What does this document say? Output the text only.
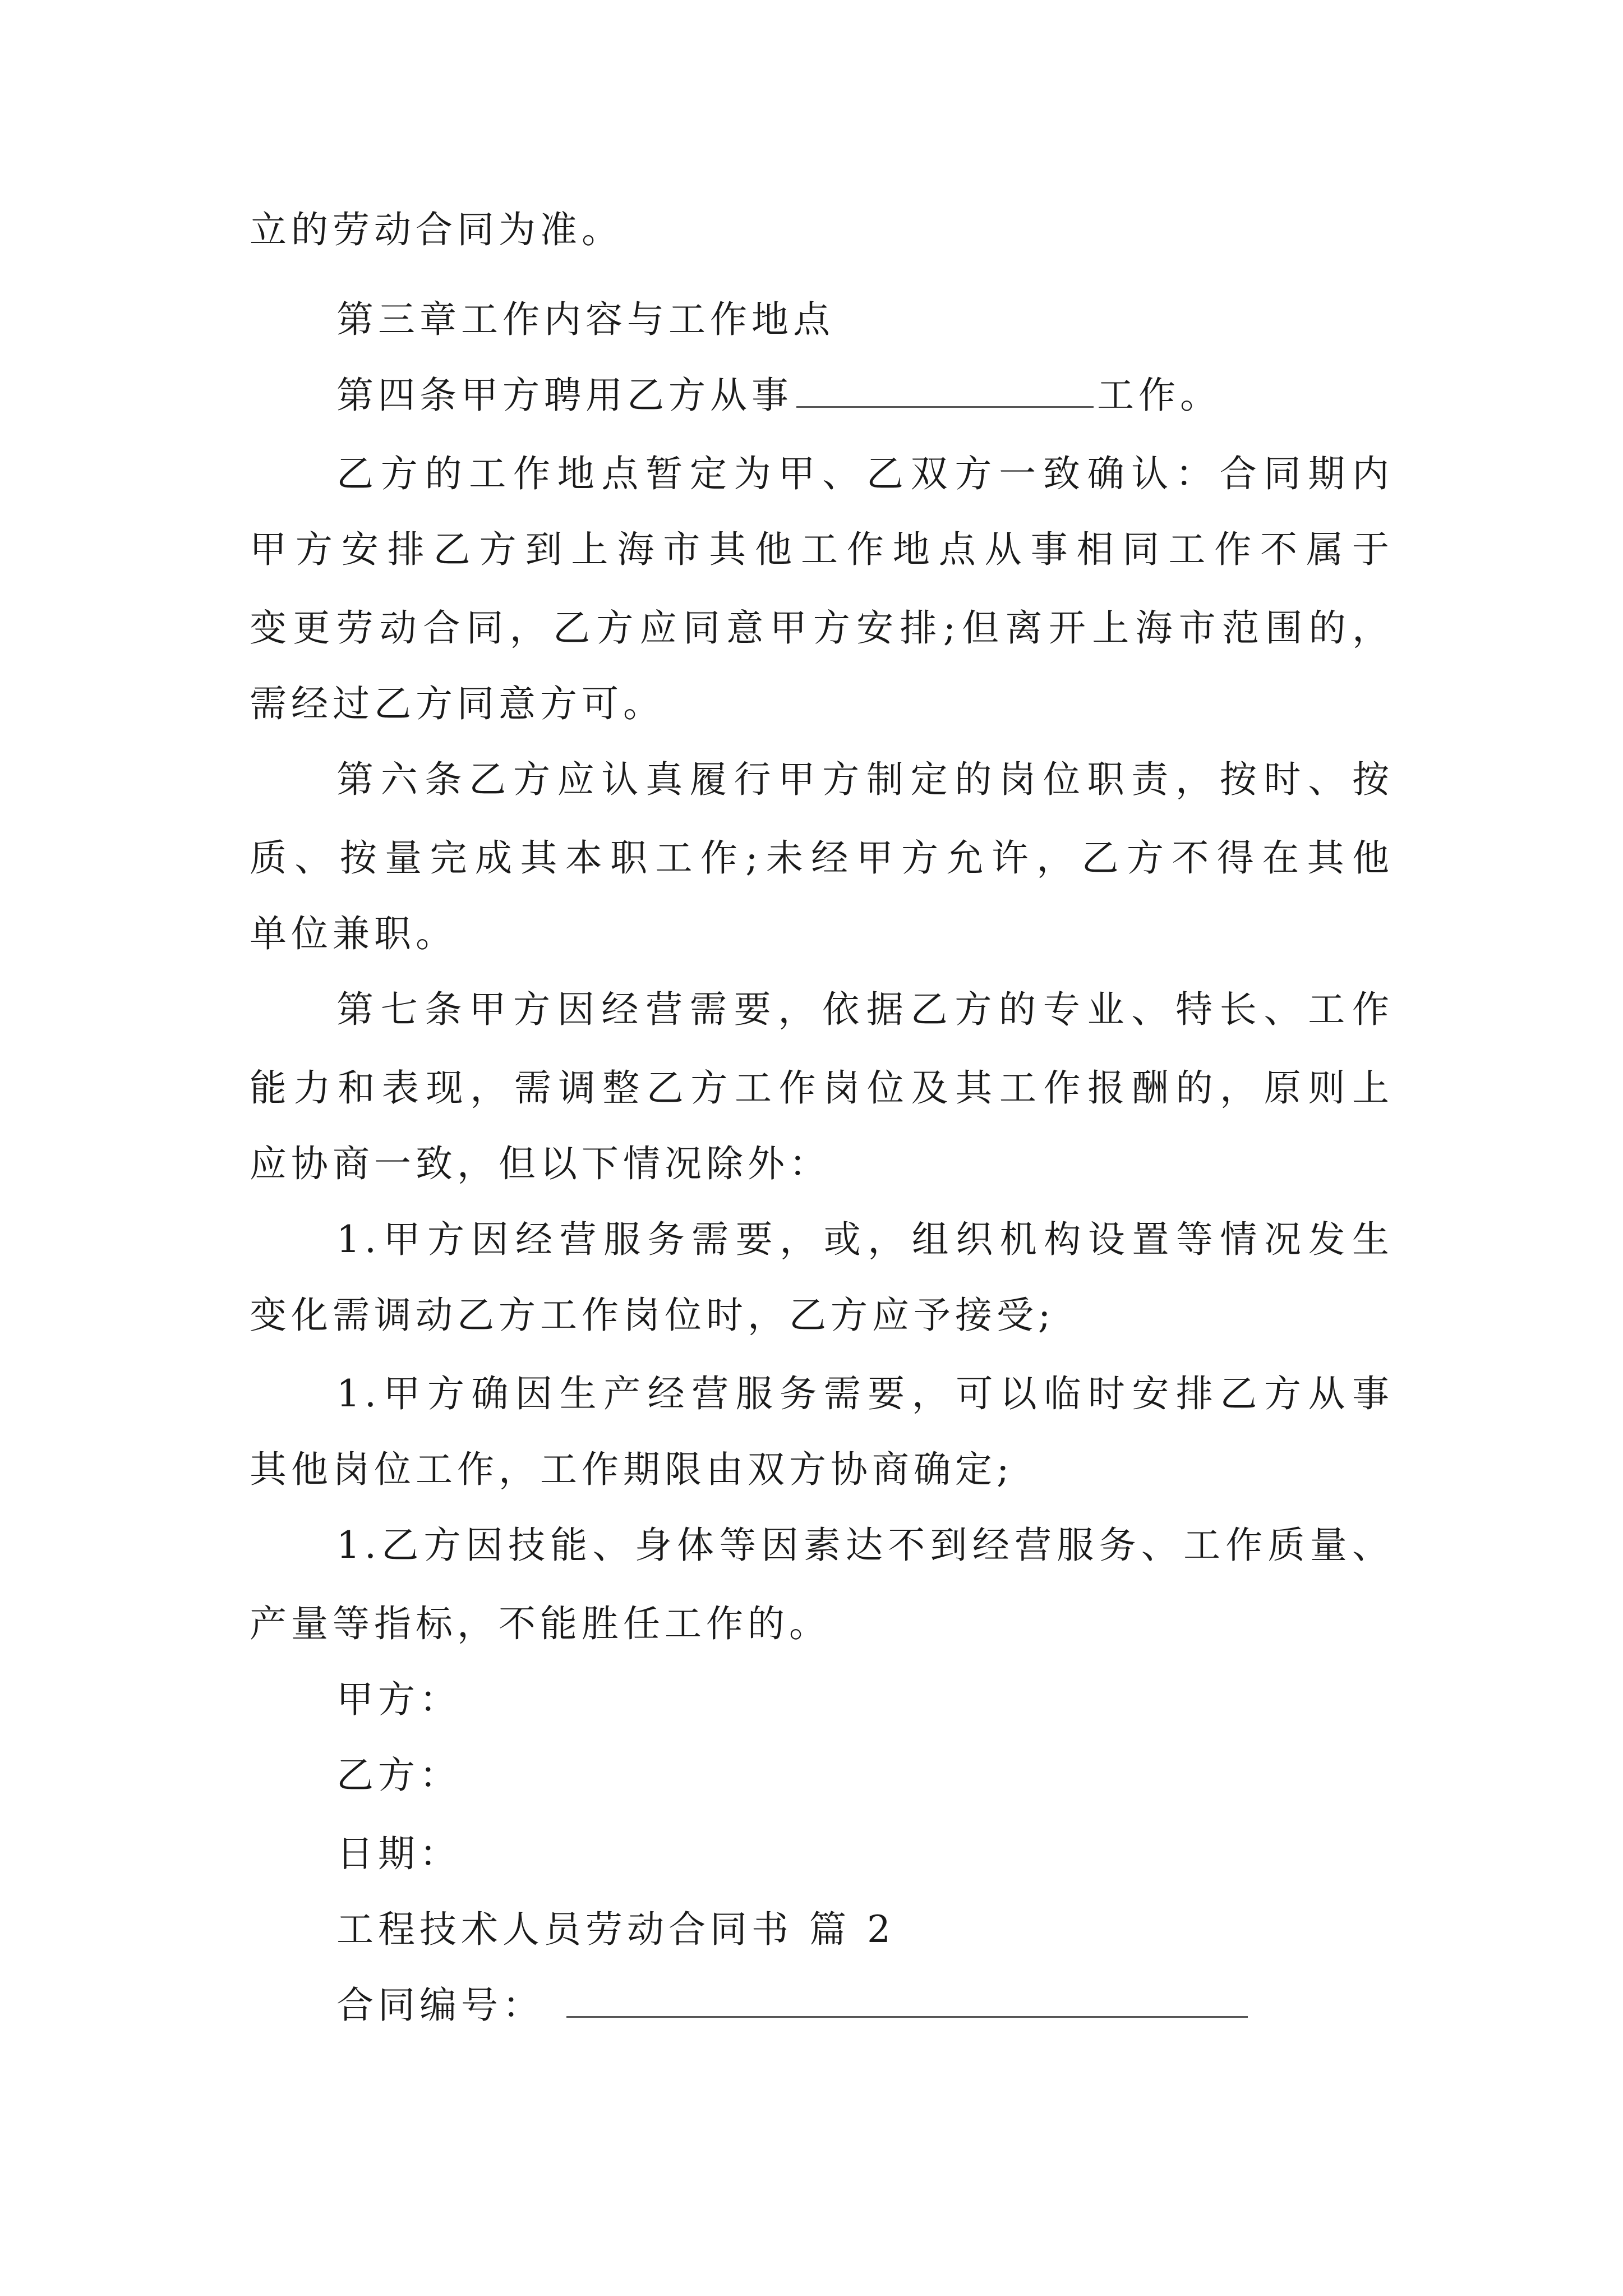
立的劳动合同为准。
第三章工作内容与工作地点
第四条甲方聘用乙方从事	工作。
乙方的工作地点暂定为甲、乙双方一致确认：合同期内
甲方安排乙方到上海市其他工作地点从事相同工作不属于
变更劳动合同，乙方应同意甲方安排;但离开上海市范围的，
需经过乙方同意方可。
第六条乙方应认真履行甲方制定的岗位职责，按时、按
质、按量完成其本职工作;未经甲方允许，乙方不得在其他
单位兼职。
第七条甲方因经营需要，依据乙方的专业、特长、工作
能力和表现，需调整乙方工作岗位及其工作报酬的，原则上
应协商一致，但以下情况除外：
1.甲方因经营服务需要，或，组织机构设置等情况发生
变化需调动乙方工作岗位时，乙方应予接受;
1.甲方确因生产经营服务需要，可以临时安排乙方从事
其他岗位工作，工作期限由双方协商确定;
1.乙方因技能、身体等因素达不到经营服务、工作质量、
产量等指标，不能胜任工作的。
甲方：
乙方：
日期：
工程技术人员劳动合同书 篇 2
合同编号：
